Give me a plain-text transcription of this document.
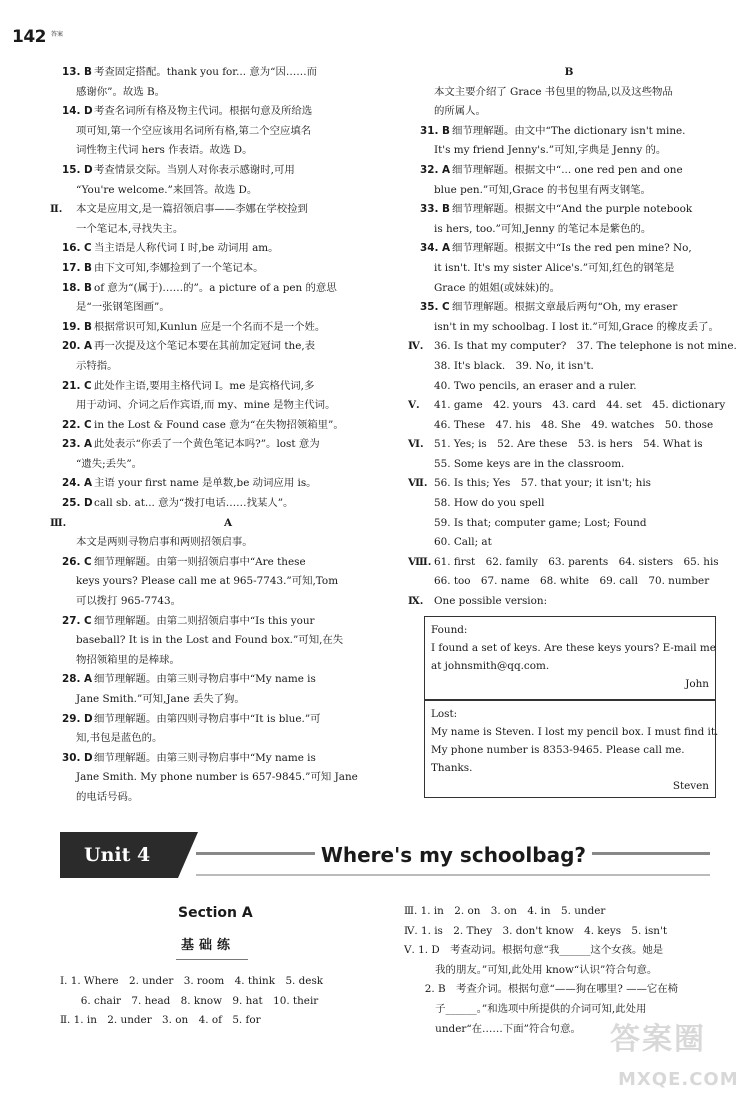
142 答案
13. B 考查固定搭配。thank you for... 意为“因……而
感谢你”。故选 B。
14. D 考查名词所有格及物主代词。根据句意及所给选
项可知,第一个空应该用名词所有格,第二个空应填名
词性物主代词 hers 作表语。故选 D。
15. D 考查情景交际。当别人对你表示感谢时,可用
“You're welcome.”来回答。故选 D。
Ⅱ.	本文是应用文,是一篇招领启事——李娜在学校捡到
一个笔记本,寻找失主。
16. C 当主语是人称代词 I 时,be 动词用 am。
17. B 由下文可知,李娜捡到了一个笔记本。
18. B of 意为“(属于)……的”。a picture of a pen 的意思
是“一张钢笔图画”。
19. B 根据常识可知,Kunlun 应是一个名而不是一个姓。
20. A 再一次提及这个笔记本要在其前加定冠词 the,表
示特指。
21. C 此处作主语,要用主格代词 I。me 是宾格代词,多
用于动词、介词之后作宾语,而 my、mine 是物主代词。
22. C in the Lost & Found case 意为“在失物招领箱里”。
23. A 此处表示“你丢了一个黄色笔记本吗?”。lost 意为
“遗失;丢失”。
24. A 主语 your first name 是单数,be 动词应用 is。
25. D call sb. at... 意为“拨打电话……找某人”。
Ⅲ.	A
本文是两则寻物启事和两则招领启事。
26. C 细节理解题。由第一则招领启事中“Are these
keys yours? Please call me at 965-7743.”可知,Tom
可以拨打 965-7743。
27. C 细节理解题。由第二则招领启事中“Is this your
baseball? It is in the Lost and Found box.”可知,在失
物招领箱里的是棒球。
28. A 细节理解题。由第三则寻物启事中“My name is
Jane Smith.”可知,Jane 丢失了狗。
29. D 细节理解题。由第四则寻物启事中“It is blue.”可
知,书包是蓝色的。
30. D 细节理解题。由第三则寻物启事中“My name is
Jane Smith. My phone number is 657-9845.”可知 Jane
的电话号码。
B
本文主要介绍了 Grace 书包里的物品,以及这些物品
的所属人。
31. B 细节理解题。由文中“The dictionary isn't mine.
It's my friend Jenny's.”可知,字典是 Jenny 的。
32. A 细节理解题。根据文中“... one red pen and one
blue pen.”可知,Grace 的书包里有两支钢笔。
33. B 细节理解题。根据文中“And the purple notebook
is hers, too.”可知,Jenny 的笔记本是紫色的。
34. A 细节理解题。根据文中“Is the red pen mine? No,
it isn't. It's my sister Alice's.”可知,红色的钢笔是
Grace 的姐姐(或妹妹)的。
35. C 细节理解题。根据文章最后两句“Oh, my eraser
isn't in my schoolbag. I lost it.”可知,Grace 的橡皮丢了。
Ⅳ.	36. Is that my computer?　37. The telephone is not mine.
38. It's black.　39. No, it isn't.
40. Two pencils, an eraser and a ruler.
Ⅴ.	41. game　42. yours　43. card　44. set　45. dictionary
46. These　47. his　48. She　49. watches　50. those
Ⅵ.	51. Yes; is　52. Are these　53. is hers　54. What is
55. Some keys are in the classroom.
Ⅶ. 56. Is this; Yes　57. that your; it isn't; his
58. How do you spell
59. Is that; computer game; Lost; Found
60. Call; at
Ⅷ. 61. first　62. family　63. parents　64. sisters　65. his
66. too　67. name　68. white　69. call　70. number
Ⅸ.	One possible version:
Found:
I found a set of keys. Are these keys yours? E-mail me
at johnsmith@qq.com.
John
Lost:
My name is Steven. I lost my pencil box. I must find it.
My phone number is 8353-9465. Please call me.
Thanks.
Steven
Unit 4	Where's my schoolbag?
Section A
基础练
Ⅰ. 1. Where　2. under　3. room　4. think　5. desk
　　6. chair　7. head　8. know　9. hat　10. their
Ⅱ. 1. in　2. under　3. on　4. of　5. for
Ⅲ. 1. in　2. on　3. on　4. in　5. under
Ⅳ. 1. is　2. They　3. don't know　4. keys　5. isn't
Ⅴ. 1. D　考查动词。根据句意“我______这个女孩。她是
　　　我的朋友。”可知,此处用 know“认识”符合句意。
　　2. B　考查介词。根据句意“——狗在哪里? ——它在椅
　　　子______。”和选项中所提供的介词可知,此处用
　　　under“在……下面”符合句意。 答案圈
MXQE.COM
